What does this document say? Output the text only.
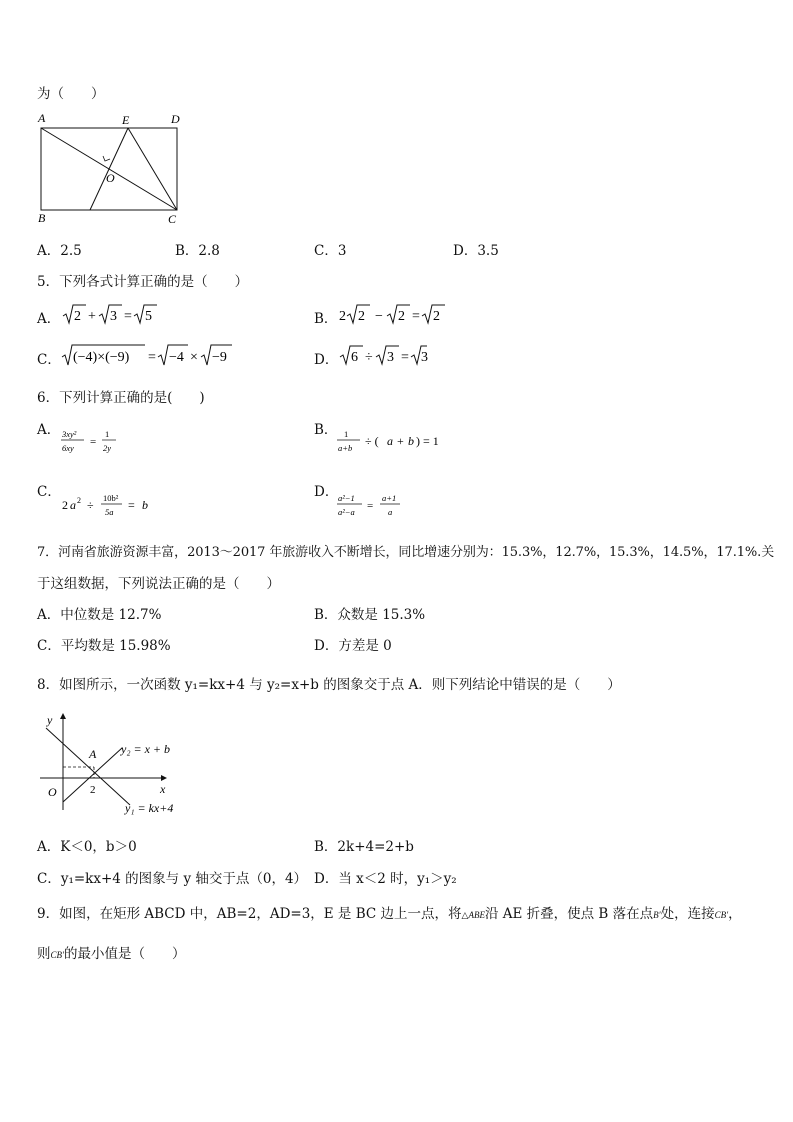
为（　　）
A	E	D
O
B	C
A．2.5	B．2.8	C．3	D．3.5
5．下列各式计算正确的是（　　）
A． 2 + 3 = 5	B． 2 2 − 2 = 2
C． (−4)×(−9) = −4 × −9	D． 6 ÷ 3 = 3
6．下列计算正确的是(　　)
A． 3xy²
6xy =
1
2y
B． 1
a+b ÷ ( a + b ) = 1
C．
2 a 2 ÷ 10b²
5a = b
D． a²−1
a²−a =
a+1
a
7．河南省旅游资源丰富，2013～2017 年旅游收入不断增长，同比增速分别为：15.3%，12.7%，15.3%，14.5%，17.1%.关
于这组数据，下列说法正确的是（　　）
A．中位数是 12.7%	B．众数是 15.3%
C．平均数是 15.98%	D．方差是 0
8．如图所示，一次函数 y₁=kx+4 与 y₂=x+b 的图象交于点 A．则下列结论中错误的是（　　）
y
x
O
A
2
y₂ = x + b
y₁ = kx+4
A．K＜0，b＞0	B．2k+4=2+b
C．y₁=kx+4 的图象与 y 轴交于点（0，4） D．当 x＜2 时，y₁＞y₂
9．如图，在矩形 ABCD 中，AB=2，AD=3，E 是 BC 边上一点，将△ABE沿 AE 折叠，使点 B 落在点B′处，连接CB′，
则CB′的最小值是（　　）
